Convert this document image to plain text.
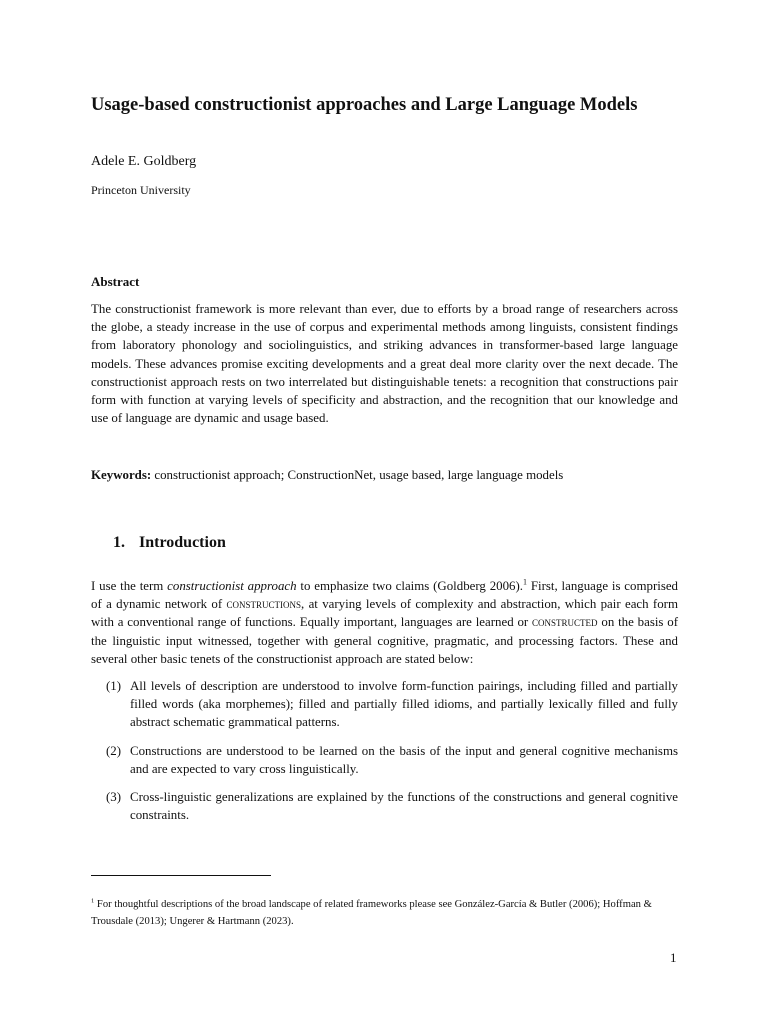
Usage-based constructionist approaches and Large Language Models

Adele E. Goldberg

Princeton University

Abstract

The constructionist framework is more relevant than ever, due to efforts by a broad range of researchers across the globe, a steady increase in the use of corpus and experimental methods among linguists, consistent findings from laboratory phonology and sociolinguistics, and striking advances in transformer-based large language models. These advances promise exciting developments and a great deal more clarity over the next decade. The constructionist approach rests on two interrelated but distinguishable tenets: a recognition that constructions pair form with function at varying levels of specificity and abstraction, and the recognition that our knowledge and use of language are dynamic and usage based.

Keywords: constructionist approach; ConstructionNet, usage based, large language models

1. Introduction

I use the term constructionist approach to emphasize two claims (Goldberg 2006).$^1$ First, language is comprised of a dynamic network of constructions, at varying levels of complexity and abstraction, which pair each form with a conventional range of functions. Equally important, languages are learned or constructed on the basis of the linguistic input witnessed, together with general cognitive, pragmatic, and processing factors. These and several other basic tenets of the constructionist approach are stated below:

(1) All levels of description are understood to involve form-function pairings, including filled and partially filled words (aka morphemes); filled and partially filled idioms, and partially lexically filled and fully abstract schematic grammatical patterns.
(2) Constructions are understood to be learned on the basis of the input and general cognitive mechanisms and are expected to vary cross linguistically.
(3) Cross-linguistic generalizations are explained by the functions of the constructions and general cognitive constraints.

$^1$ For thoughtful descriptions of the broad landscape of related frameworks please see González-García & Butler (2006); Hoffman & Trousdale (2013); Ungerer & Hartmann (2023).

1
